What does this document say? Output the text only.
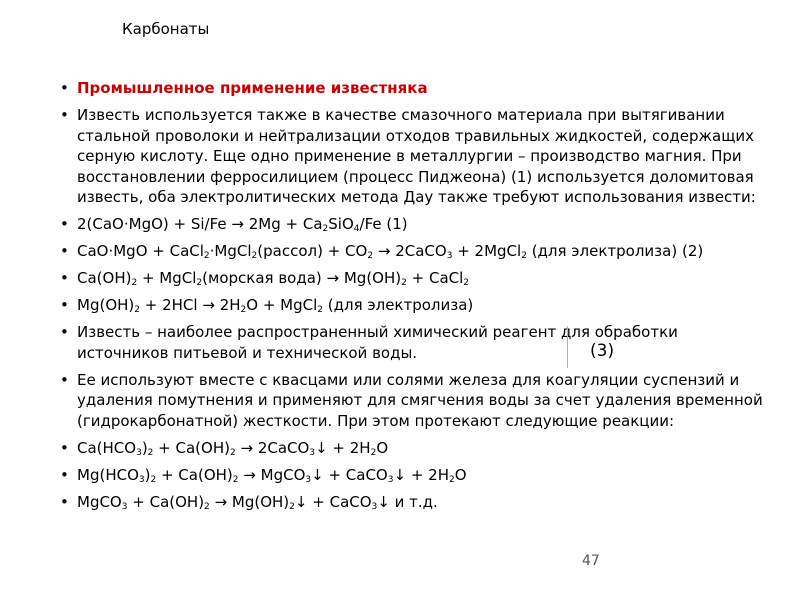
Карбонаты
• Промышленное применение известняка
• Известь используется также в качестве смазочного материала при вытягивании стальной проволоки и нейтрализации отходов травильных жидкостей, содержащих серную кислоту. Еще одно применение в металлургии – производство магния. При восстановлении ферросилицием (процесс Пиджеона) (1) используется доломитовая известь, оба электролитических метода Дау также требуют использования извести:
• $2(CaO\cdot MgO) + Si/Fe \to 2Mg + Ca_2SiO_4/Fe$ (1)
• CaO·MgO + CaCl$_2$·MgCl$_2$(рассол) + $CO_2$ → 2CaCO$_3$ + 2MgCl$_2$ (для электролиза) (2)
• $Ca(OH)_2$ + MgCl$_2$(морская вода) → $Mg(OH)_2$ + CaCl$_2$
• $Mg(OH)_2 + 2HCl \to 2H_2O$ + MgCl$_2$ (для электролиза)
• Известь – наиболее распространенный химический реагент для обработки источников питьевой и технической воды.
• Ее используют вместе с квасцами или солями железа для коагуляции суспензий и удаления помутнения и применяют для смягчения воды за счет удаления временной (гидрокарбонатной) жесткости. При этом протекают следующие реакции:
• $Ca(HCO_3)_2 + Ca(OH)_2$ → 2CaCO$_3$↓ + $2H_2O$
• $Mg(HCO_3)_2 + Ca(OH)_2$ → MgCO$_3$↓ + CaCO$_3$↓ + $2H_2O$
• MgCO$_3$ + $Ca(OH)_2$ → $Mg(OH)_2↓$ + CaCO$_3$↓ и т.д.
(3)
47
